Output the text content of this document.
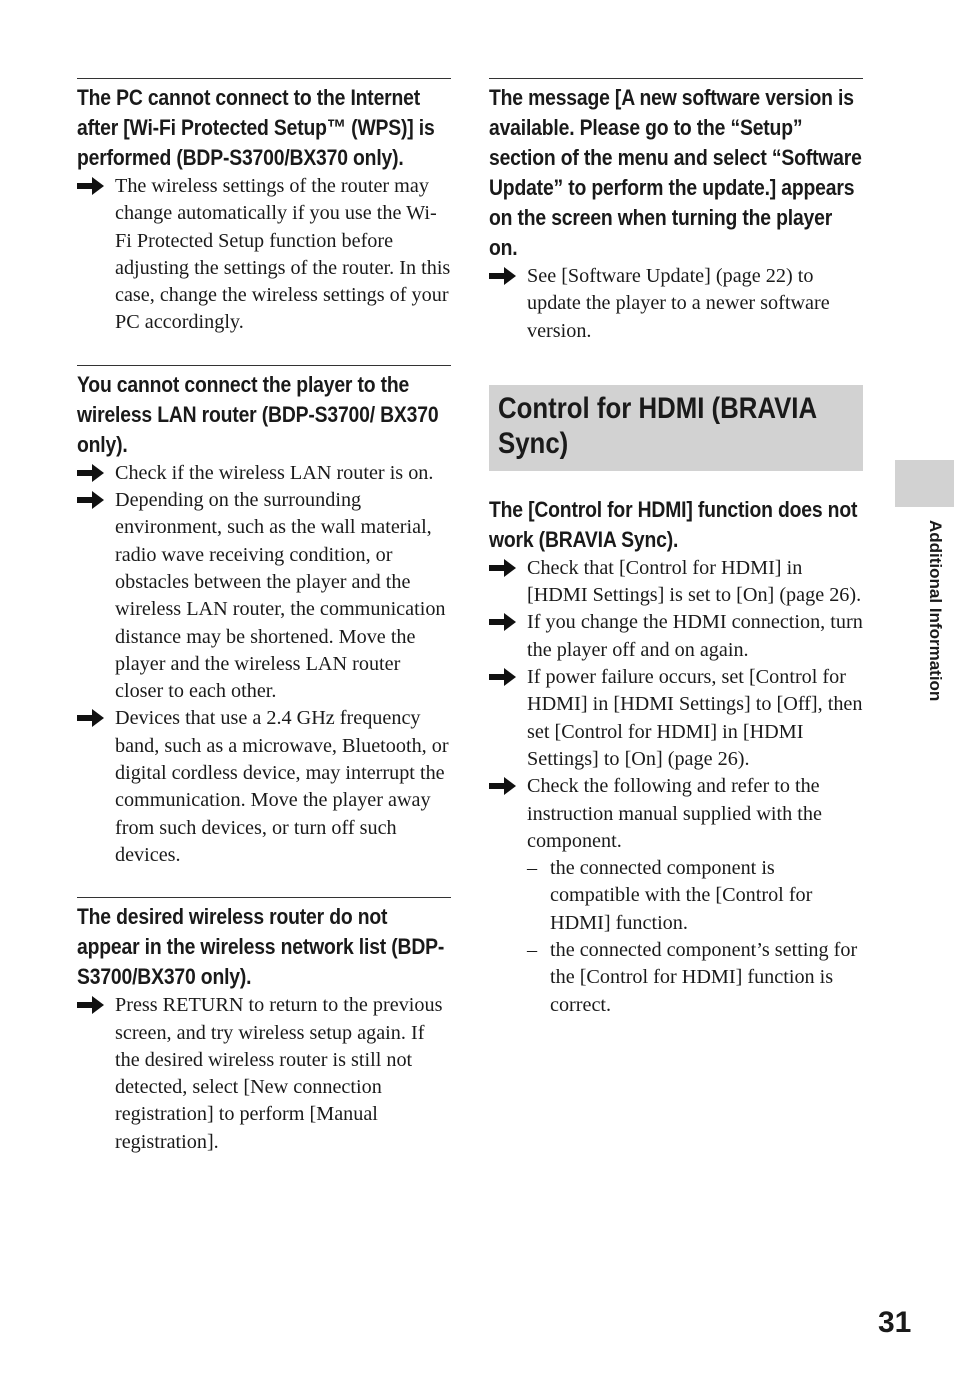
The PC cannot connect to the Internet after [Wi-Fi Protected Setup™ (WPS)] is performed (BDP-S3700/BX370 only).
The wireless settings of the router may change automatically if you use the Wi-Fi Protected Setup function before adjusting the settings of the router. In this case, change the wireless settings of your PC accordingly.
You cannot connect the player to the wireless LAN router (BDP-S3700/ BX370 only).
Check if the wireless LAN router is on.
Depending on the surrounding environment, such as the wall material, radio wave receiving condition, or obstacles between the player and the wireless LAN router, the communication distance may be shortened. Move the player and the wireless LAN router closer to each other.
Devices that use a 2.4 GHz frequency band, such as a microwave, Bluetooth, or digital cordless device, may interrupt the communication. Move the player away from such devices, or turn off such devices.
The desired wireless router do not appear in the wireless network list (BDP-S3700/BX370 only).
Press RETURN to return to the previous screen, and try wireless setup again. If the desired wireless router is still not detected, select [New connection registration] to perform [Manual registration].
The message [A new software version is available. Please go to the “Setup” section of the menu and select “Software Update” to perform the update.] appears on the screen when turning the player on.
See [Software Update] (page 22) to update the player to a newer software version.
Control for HDMI (BRAVIA Sync)
The [Control for HDMI] function does not work (BRAVIA Sync).
Check that [Control for HDMI] in [HDMI Settings] is set to [On] (page 26).
If you change the HDMI connection, turn the player off and on again.
If power failure occurs, set [Control for HDMI] in [HDMI Settings] to [Off], then set [Control for HDMI] in [HDMI Settings] to [On] (page 26).
Check the following and refer to the instruction manual supplied with the component.
– the connected component is compatible with the [Control for HDMI] function.
– the connected component’s setting for the [Control for HDMI] function is correct.
Additional Information
31
